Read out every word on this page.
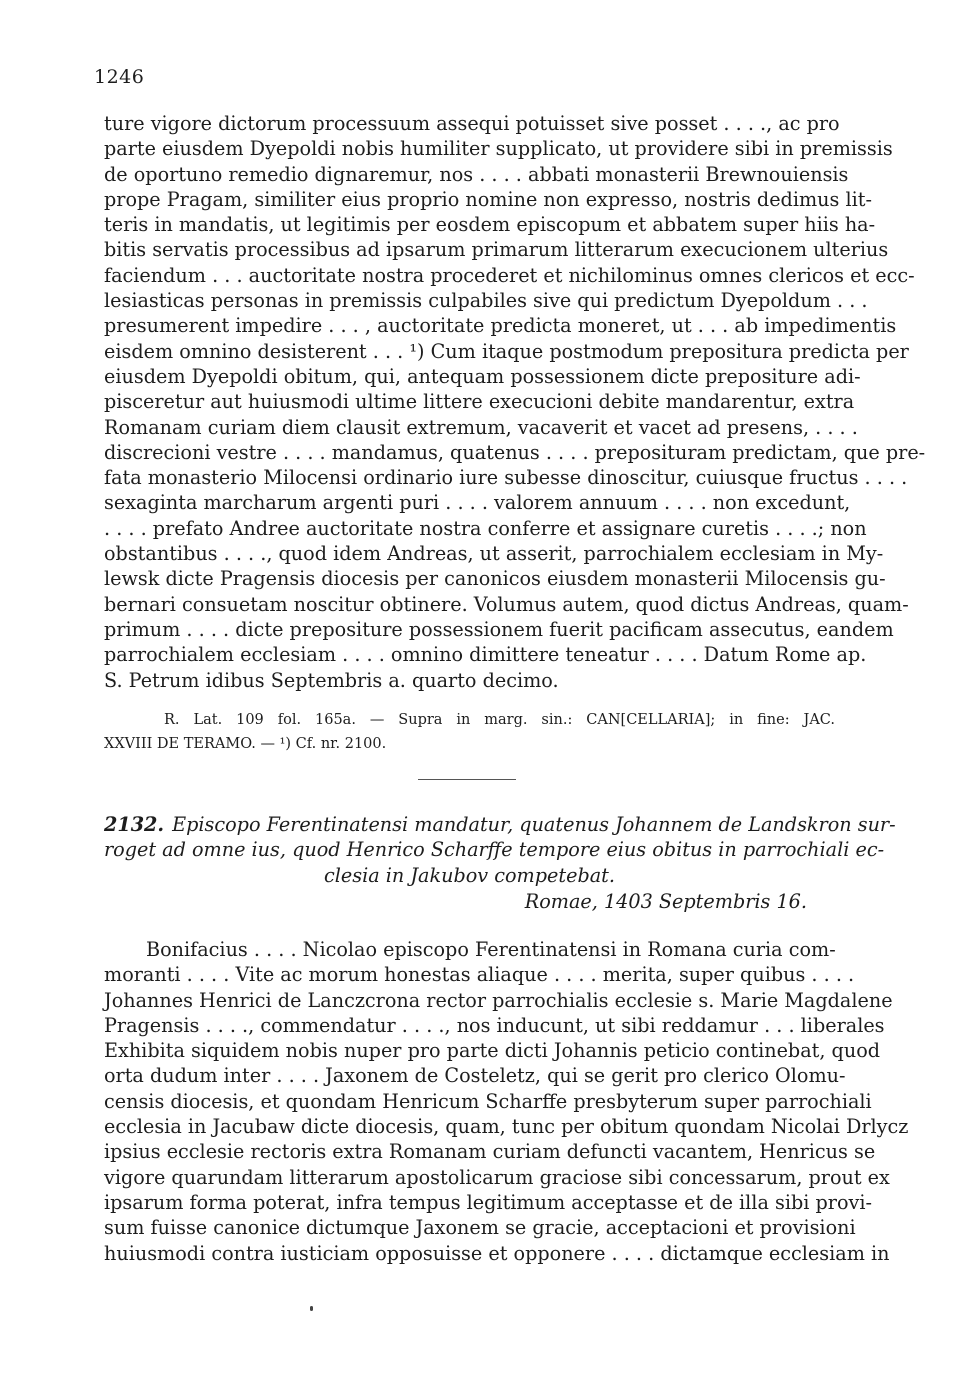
1246
ture vigore dictorum processuum assequi potuisset sive posset . . . ., ac pro
parte eiusdem Dyepoldi nobis humiliter supplicato, ut providere sibi in premissis
de oportuno remedio dignaremur, nos . . . . abbati monasterii Brewnouiensis
prope Pragam, similiter eius proprio nomine non expresso, nostris dedimus lit-
teris in mandatis, ut legitimis per eosdem episcopum et abbatem super hiis ha-
bitis servatis processibus ad ipsarum primarum litterarum execucionem ulterius
faciendum . . . auctoritate nostra procederet et nichilominus omnes clericos et ecc-
lesiasticas personas in premissis culpabiles sive qui predictum Dyepoldum . . .
presumerent impedire . . . , auctoritate predicta moneret, ut . . . ab impedimentis
eisdem omnino desisterent . . . ¹) Cum itaque postmodum prepositura predicta per
eiusdem Dyepoldi obitum, qui, antequam possessionem dicte prepositure adi-
pisceretur aut huiusmodi ultime littere execucioni debite mandarentur, extra
Romanam curiam diem clausit extremum, vacaverit et vacet ad presens, . . . .
discrecioni vestre . . . . mandamus, quatenus . . . . preposituram predictam, que pre-
fata monasterio Milocensi ordinario iure subesse dinoscitur, cuiusque fructus . . . .
sexaginta marcharum argenti puri . . . . valorem annuum . . . . non excedunt,
. . . . prefato Andree auctoritate nostra conferre et assignare curetis . . . .; non
obstantibus . . . ., quod idem Andreas, ut asserit, parrochialem ecclesiam in My-
lewsk dicte Pragensis diocesis per canonicos eiusdem monasterii Milocensis gu-
bernari consuetam noscitur obtinere. Volumus autem, quod dictus Andreas, quam-
primum . . . . dicte prepositure possessionem fuerit pacificam assecutus, eandem
parrochialem ecclesiam . . . . omnino dimittere teneatur . . . . Datum Rome ap.
S. Petrum idibus Septembris a. quarto decimo.
R. Lat. 109 fol. 165a. — Supra in marg. sin.: CAN[CELLARIA]; in fine: JAC.
XXVIII DE TERAMO. — ¹) Cf. nr. 2100.
2132. Episcopo Ferentinatensi mandatur, quatenus Johannem de Landskron sur-
roget ad omne ius, quod Henrico Scharffe tempore eius obitus in parrochiali ec-
clesia in Jakubov competebat.
Romae, 1403 Septembris 16.
Bonifacius . . . . Nicolao episcopo Ferentinatensi in Romana curia com-
moranti . . . . Vite ac morum honestas aliaque . . . . merita, super quibus . . . .
Johannes Henrici de Lanczcrona rector parrochialis ecclesie s. Marie Magdalene
Pragensis . . . ., commendatur . . . ., nos inducunt, ut sibi reddamur . . . liberales
Exhibita siquidem nobis nuper pro parte dicti Johannis peticio continebat, quod
orta dudum inter . . . . Jaxonem de Costeletz, qui se gerit pro clerico Olomu-
censis diocesis, et quondam Henricum Scharffe presbyterum super parrochiali
ecclesia in Jacubaw dicte diocesis, quam, tunc per obitum quondam Nicolai Drlycz
ipsius ecclesie rectoris extra Romanam curiam defuncti vacantem, Henricus se
vigore quarundam litterarum apostolicarum graciose sibi concessarum, prout ex
ipsarum forma poterat, infra tempus legitimum acceptasse et de illa sibi provi-
sum fuisse canonice dictumque Jaxonem se gracie, acceptacioni et provisioni
huiusmodi contra iusticiam opposuisse et opponere . . . . dictamque ecclesiam in
